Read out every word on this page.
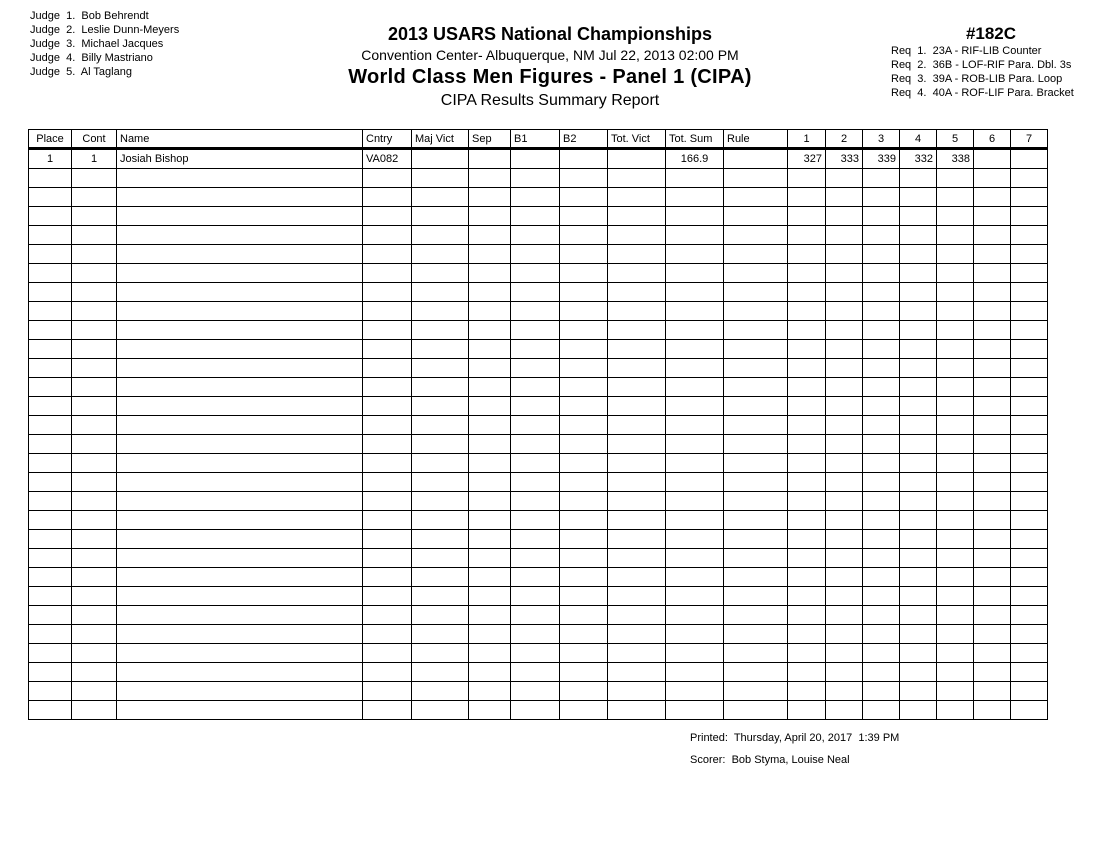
Judge  1.  Bob Behrendt
Judge  2.  Leslie Dunn-Meyers
Judge  3.  Michael Jacques
Judge  4.  Billy Mastriano
Judge  5.  Al Taglang
2013 USARS National Championships
Convention Center- Albuquerque, NM Jul 22, 2013 02:00 PM
World Class Men Figures - Panel 1 (CIPA)
CIPA Results Summary Report
#182C
Req  1.  23A - RIF-LIB Counter
Req  2.  36B - LOF-RIF Para. Dbl. 3s
Req  3.  39A - ROB-LIB Para. Loop
Req  4.  40A - ROF-LIF Para. Bracket
Place	Cont	Name	Cntry	Maj Vict	Sep	B1	B2	Tot. Vict	Tot. Sum	Rule	1	2	3	4	5	6	7
1	1	Josiah Bishop	VA082						166.9		327	333	339	332	338		

Printed:  Thursday, April 20, 2017  1:39 PM
Scorer:  Bob Styma, Louise Neal
